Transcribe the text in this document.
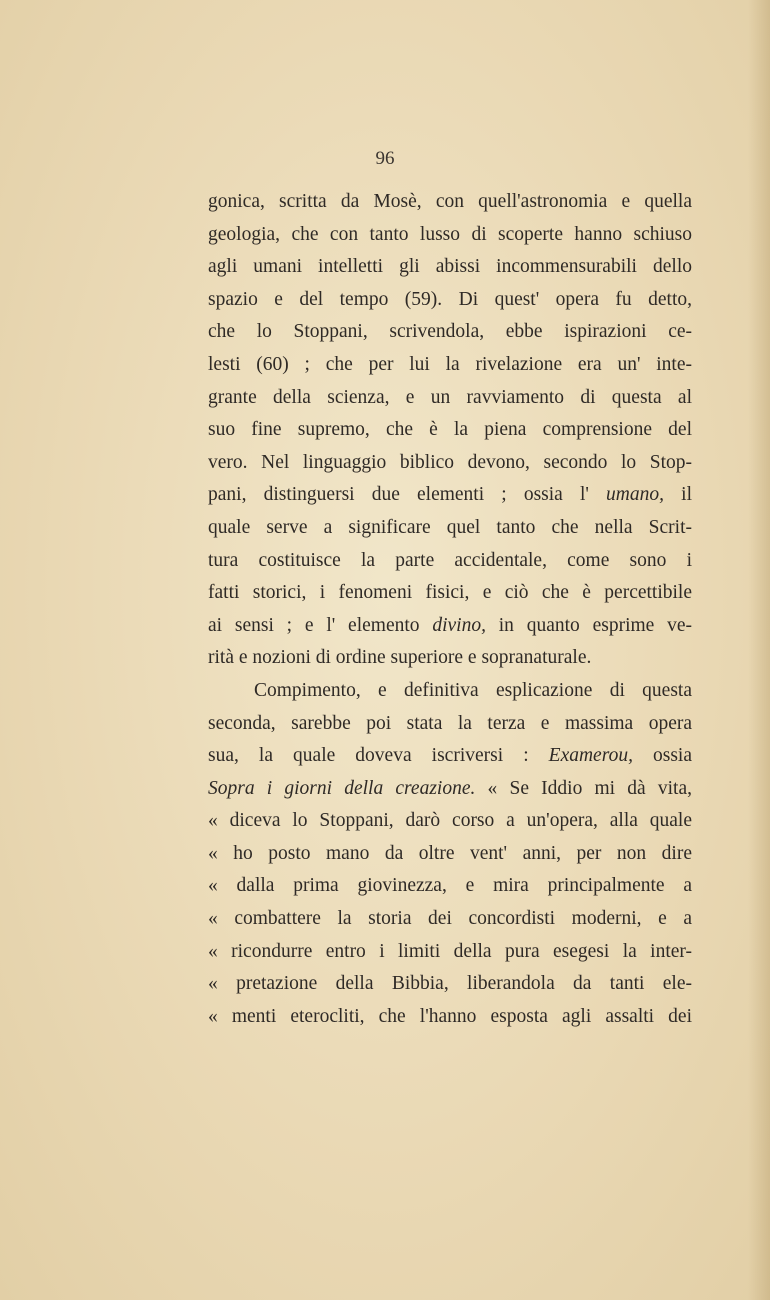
96
gonica, scritta da Mosè, con quell'astronomia e quella
geologia, che con tanto lusso di scoperte hanno schiuso
agli umani intelletti gli abissi incommensurabili dello
spazio e del tempo (59). Di quest' opera fu detto,
che lo Stoppani, scrivendola, ebbe ispirazioni ce-
lesti (60) ; che per lui la rivelazione era un' inte-
grante della scienza, e un ravviamento di questa al
suo fine supremo, che è la piena comprensione del
vero. Nel linguaggio biblico devono, secondo lo Stop-
pani, distinguersi due elementi ; ossia l' umano, il
quale serve a significare quel tanto che nella Scrit-
tura costituisce la parte accidentale, come sono i
fatti storici, i fenomeni fisici, e ciò che è percettibile
ai sensi ; e l' elemento divino, in quanto esprime ve-
rità e nozioni di ordine superiore e sopranaturale.
Compimento, e definitiva esplicazione di questa
seconda, sarebbe poi stata la terza e massima opera
sua, la quale doveva iscriversi : Examerou, ossia
Sopra i giorni della creazione. « Se Iddio mi dà vita,
« diceva lo Stoppani, darò corso a un'opera, alla quale
« ho posto mano da oltre vent' anni, per non dire
« dalla prima giovinezza, e mira principalmente a
« combattere la storia dei concordisti moderni, e a
« ricondurre entro i limiti della pura esegesi la inter-
« pretazione della Bibbia, liberandola da tanti ele-
« menti eterocliti, che l'hanno esposta agli assalti dei
